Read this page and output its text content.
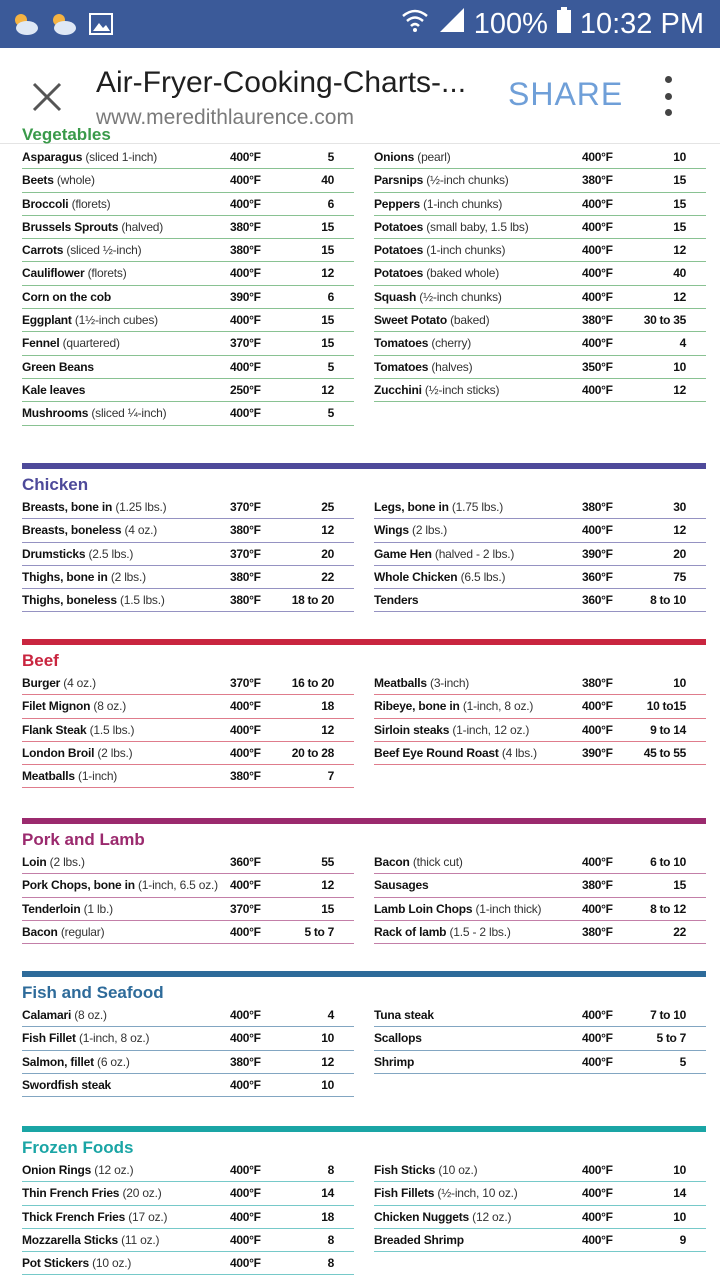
100% 10:32 PM
Air-Fryer-Cooking-Charts-...
www.meredithlaurence.com
SHARE
Vegetables
Asparagus (sliced 1-inch)	400°F	5
Beets (whole)	400°F	40
Broccoli (florets)	400°F	6
Brussels Sprouts (halved)	380°F	15
Carrots (sliced ½-inch)	380°F	15
Cauliflower (florets)	400°F	12
Corn on the cob	390°F	6
Eggplant (1½-inch cubes)	400°F	15
Fennel (quartered)	370°F	15
Green Beans	400°F	5
Kale leaves	250°F	12
Mushrooms (sliced ¼-inch)	400°F	5
Onions (pearl)	400°F	10
Parsnips (½-inch chunks)	380°F	15
Peppers (1-inch chunks)	400°F	15
Potatoes (small baby, 1.5 lbs)	400°F	15
Potatoes (1-inch chunks)	400°F	12
Potatoes (baked whole)	400°F	40
Squash (½-inch chunks)	400°F	12
Sweet Potato (baked)	380°F	30 to 35
Tomatoes (cherry)	400°F	4
Tomatoes (halves)	350°F	10
Zucchini (½-inch sticks)	400°F	12
Chicken
Breasts, bone in (1.25 lbs.)	370°F	25
Breasts, boneless (4 oz.)	380°F	12
Drumsticks (2.5 lbs.)	370°F	20
Thighs, bone in (2 lbs.)	380°F	22
Thighs, boneless (1.5 lbs.)	380°F	18 to 20
Legs, bone in (1.75 lbs.)	380°F	30
Wings (2 lbs.)	400°F	12
Game Hen (halved - 2 lbs.)	390°F	20
Whole Chicken (6.5 lbs.)	360°F	75
Tenders	360°F	8 to 10
Beef
Burger (4 oz.)	370°F	16 to 20
Filet Mignon (8 oz.)	400°F	18
Flank Steak (1.5 lbs.)	400°F	12
London Broil (2 lbs.)	400°F	20 to 28
Meatballs (1-inch)	380°F	7
Meatballs (3-inch)	380°F	10
Ribeye, bone in (1-inch, 8 oz.)	400°F	10 to15
Sirloin steaks (1-inch, 12 oz.)	400°F	9 to 14
Beef Eye Round Roast (4 lbs.)	390°F	45 to 55
Pork and Lamb
Loin (2 lbs.)	360°F	55
Pork Chops, bone in (1-inch, 6.5 oz.) 400°F	12
Tenderloin (1 lb.)	370°F	15
Bacon (regular)	400°F	5 to 7
Bacon (thick cut)	400°F	6 to 10
Sausages	380°F	15
Lamb Loin Chops (1-inch thick)	400°F	8 to 12
Rack of lamb (1.5 - 2 lbs.)	380°F	22
Fish and Seafood
Calamari (8 oz.)	400°F	4
Fish Fillet (1-inch, 8 oz.)	400°F	10
Salmon, fillet (6 oz.)	380°F	12
Swordfish steak	400°F	10
Tuna steak	400°F	7 to 10
Scallops	400°F	5 to 7
Shrimp	400°F	5
Frozen Foods
Onion Rings (12 oz.)	400°F	8
Thin French Fries (20 oz.)	400°F	14
Thick French Fries (17 oz.)	400°F	18
Mozzarella Sticks (11 oz.)	400°F	8
Pot Stickers (10 oz.)	400°F	8
Fish Sticks (10 oz.)	400°F	10
Fish Fillets (½-inch, 10 oz.)	400°F	14
Chicken Nuggets (12 oz.)	400°F	10
Breaded Shrimp	400°F	9
